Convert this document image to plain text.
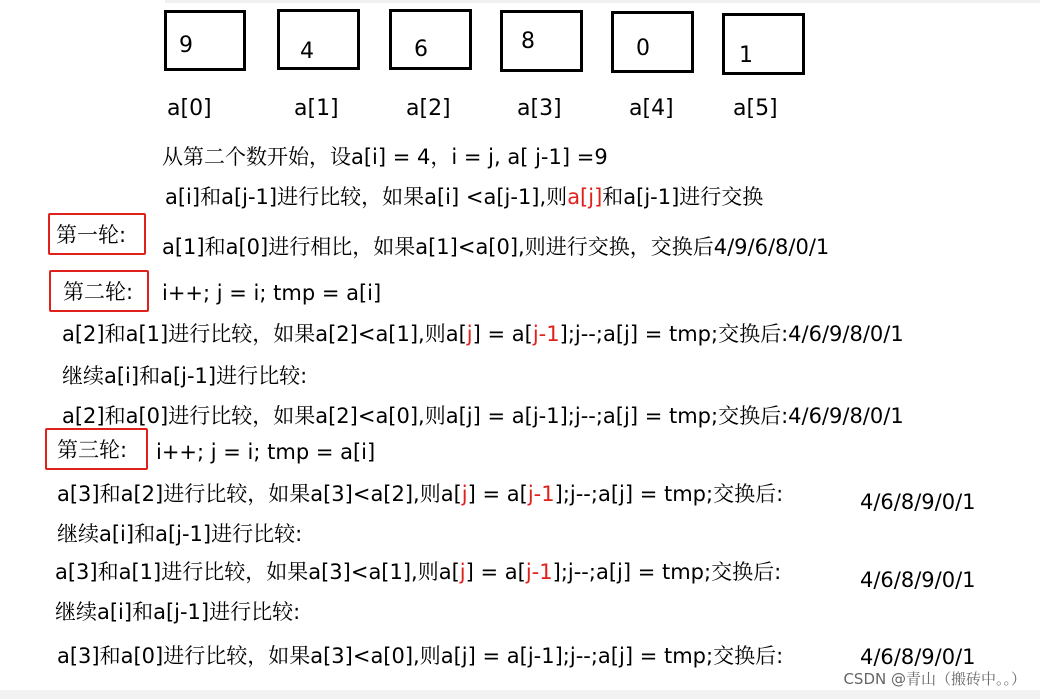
9	4	6	8	0	1
a[0]	a[1]	a[2]	a[3]	a[4]	a[5]
从第二个数开始，设a[i] = 4，i = j, a[ j-1] =9
a[i]和a[j-1]进行比较，如果a[i] <a[j-1],则a[j]和a[j-1]进行交换
第一轮:	a[1]和a[0]进行相比，如果a[1]<a[0],则进行交换，交换后4/9/6/8/0/1
第二轮:	i++; j = i; tmp = a[i]
a[2]和a[1]进行比较，如果a[2]<a[1],则a[j] = a[j-1];j--;a[j] = tmp;交换后:4/6/9/8/0/1
继续a[i]和a[j-1]进行比较:
a[2]和a[0]进行比较，如果a[2]<a[0],则a[j] = a[j-1];j--;a[j] = tmp;交换后:4/6/9/8/0/1
第三轮:	i++; j = i; tmp = a[i]
a[3]和a[2]进行比较，如果a[3]<a[2],则a[j] = a[j-1];j--;a[j] = tmp;交换后:	4/6/8/9/0/1
继续a[i]和a[j-1]进行比较:
a[3]和a[1]进行比较，如果a[3]<a[1],则a[j] = a[j-1];j--;a[j] = tmp;交换后:	4/6/8/9/0/1
继续a[i]和a[j-1]进行比较:
a[3]和a[0]进行比较，如果a[3]<a[0],则a[j] = a[j-1];j--;a[j] = tmp;交换后:	4/6/8/9/0/1
CSDN @青山（搬砖中。。）
